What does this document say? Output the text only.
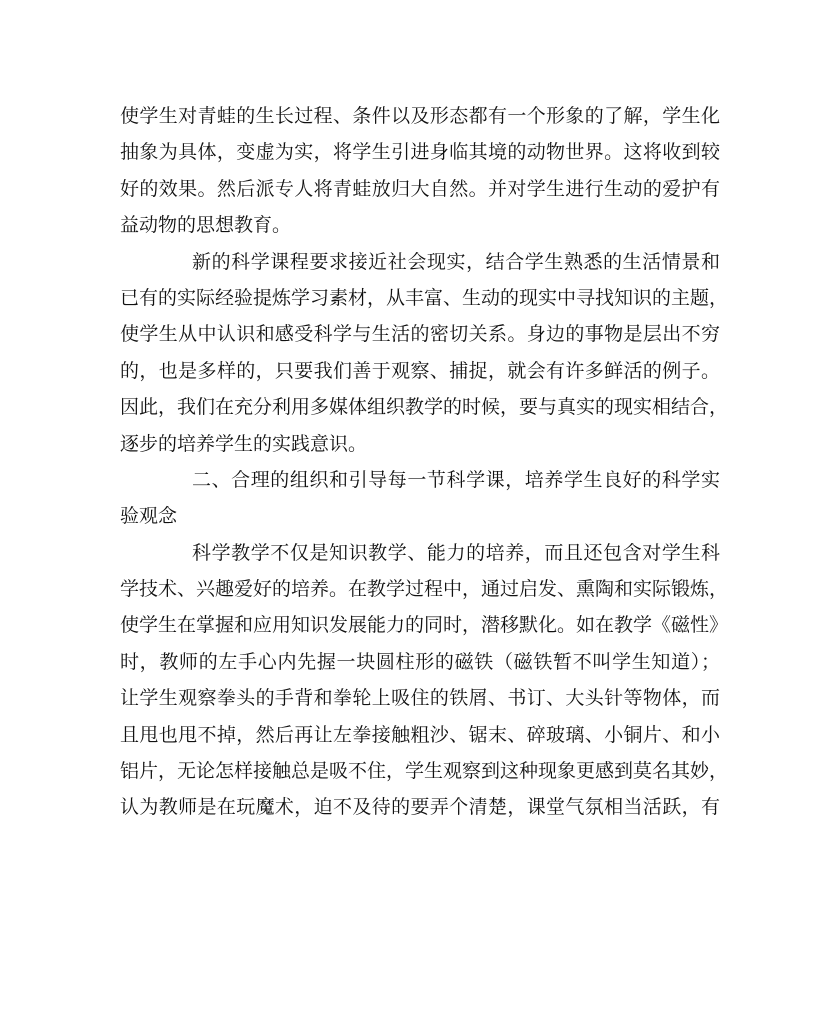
使学生对青蛙的生长过程、条件以及形态都有一个形象的了解，学生化
抽象为具体，变虚为实，将学生引进身临其境的动物世界。这将收到较
好的效果。然后派专人将青蛙放归大自然。并对学生进行生动的爱护有
益动物的思想教育。
新的科学课程要求接近社会现实，结合学生熟悉的生活情景和
已有的实际经验提炼学习素材，从丰富、生动的现实中寻找知识的主题，
使学生从中认识和感受科学与生活的密切关系。身边的事物是层出不穷
的，也是多样的，只要我们善于观察、捕捉，就会有许多鲜活的例子。
因此，我们在充分利用多媒体组织教学的时候，要与真实的现实相结合，
逐步的培养学生的实践意识。
二、合理的组织和引导每一节科学课，培养学生良好的科学实
验观念
科学教学不仅是知识教学、能力的培养，而且还包含对学生科
学技术、兴趣爱好的培养。在教学过程中，通过启发、熏陶和实际锻炼，
使学生在掌握和应用知识发展能力的同时，潜移默化。如在教学《磁性》
时，教师的左手心内先握一块圆柱形的磁铁（磁铁暂不叫学生知道）；
让学生观察拳头的手背和拳轮上吸住的铁屑、书订、大头针等物体，而
且甩也甩不掉，然后再让左拳接触粗沙、锯末、碎玻璃、小铜片、和小
铝片，无论怎样接触总是吸不住，学生观察到这种现象更感到莫名其妙，
认为教师是在玩魔术，迫不及待的要弄个清楚，课堂气氛相当活跃，有
